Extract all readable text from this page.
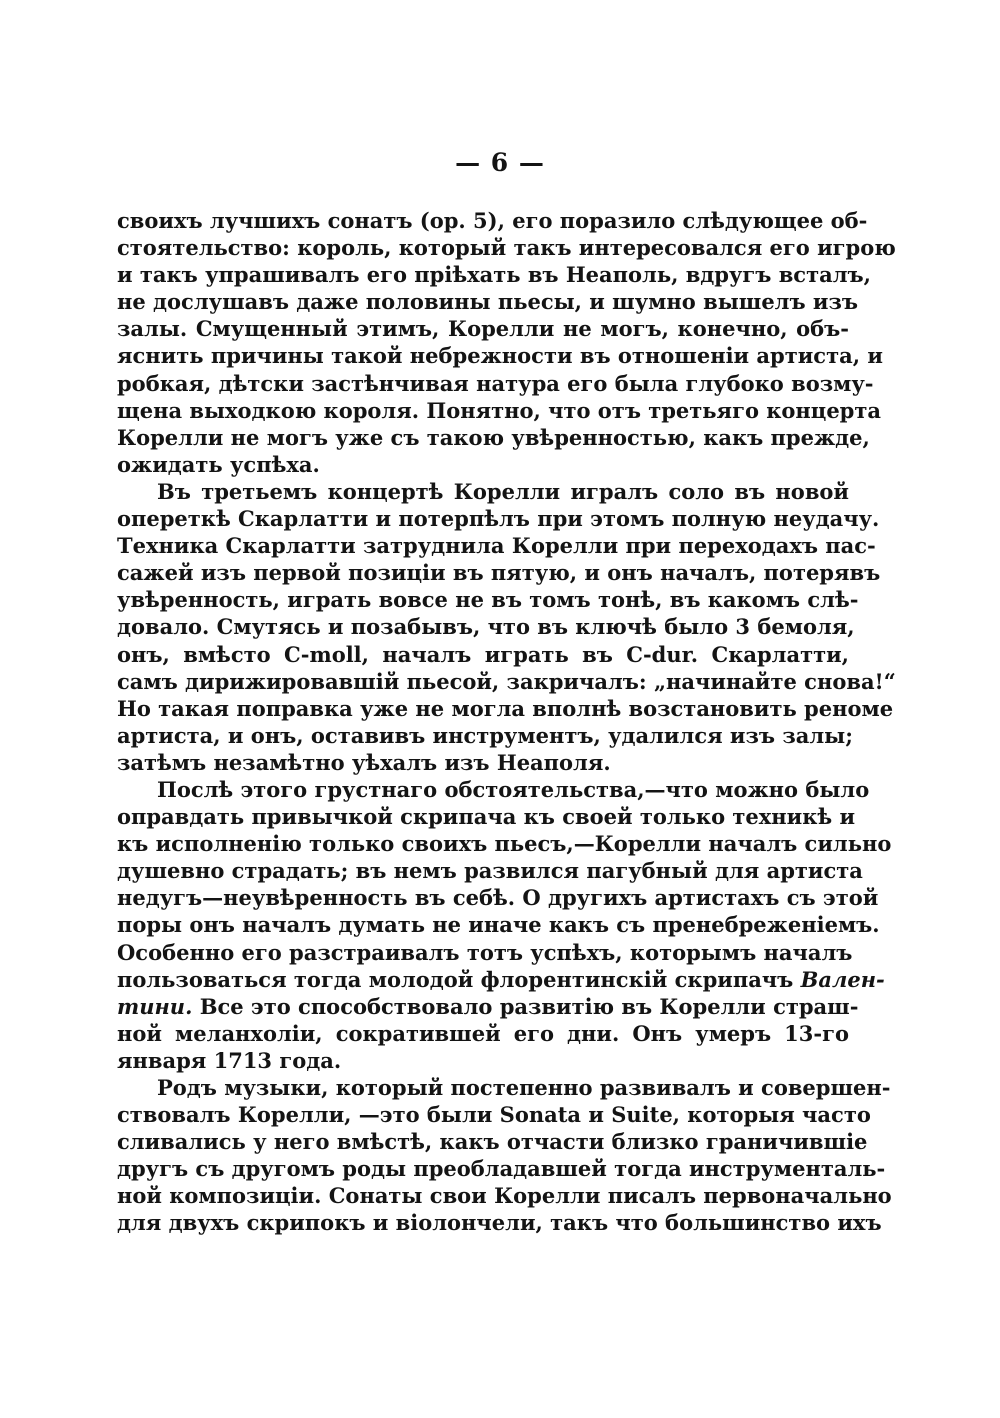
— 6 —
своихъ лучшихъ сонатъ (op. 5), его поразило слѣдующее об-
стоятельство: король, который такъ интересовался его игрою
и такъ упрашивалъ его пріѣхать въ Неаполь, вдругъ всталъ,
не дослушавъ даже половины пьесы, и шумно вышелъ изъ
залы. Смущенный этимъ, Корелли не могъ, конечно, объ-
яснить причины такой небрежности въ отношеніи артиста, и
робкая, дѣтски застѣнчивая натура его была глубоко возму-
щена выходкою короля. Понятно, что отъ третьяго концерта
Корелли не могъ уже съ такою увѣренностью, какъ прежде,
ожидать успѣха.
Въ третьемъ концертѣ Корелли игралъ соло въ новой
опереткѣ Скарлатти и потерпѣлъ при этомъ полную неудачу.
Техника Скарлатти затруднила Корелли при переходахъ пас-
сажей изъ первой позиціи въ пятую, и онъ началъ, потерявъ
увѣренность, играть вовсе не въ томъ тонѣ, въ какомъ слѣ-
довало. Смутясь и позабывъ, что въ ключѣ было 3 бемоля,
онъ, вмѣсто C-moll, началъ играть въ C-dur. Скарлатти,
самъ дирижировавшій пьесой, закричалъ: „начинайте снова!“
Но такая поправка уже не могла вполнѣ возстановить реноме
артиста, и онъ, оставивъ инструментъ, удалился изъ залы;
затѣмъ незамѣтно уѣхалъ изъ Неаполя.
Послѣ этого грустнаго обстоятельства,—что можно было
оправдать привычкой скрипача къ своей только техникѣ и
къ исполненію только своихъ пьесъ,—Корелли началъ сильно
душевно страдать; въ немъ развился пагубный для артиста
недугъ—неувѣренность въ себѣ. О другихъ артистахъ съ этой
поры онъ началъ думать не иначе какъ съ пренебреженіемъ.
Особенно его разстраивалъ тотъ успѣхъ, которымъ началъ
пользоваться тогда молодой флорентинскій скрипачъ Вален-
тини. Все это способствовало развитію въ Корелли страш-
ной меланхоліи, сократившей его дни. Онъ умеръ 13-го
января 1713 года.
Родъ музыки, который постепенно развивалъ и совершен-
ствовалъ Корелли, —это были Sonata и Suite, которыя часто
сливались у него вмѣстѣ, какъ отчасти близко граничившіе
другъ съ другомъ роды преобладавшей тогда инструменталь-
ной композиціи. Сонаты свои Корелли писалъ первоначально
для двухъ скрипокъ и віолончели, такъ что большинство ихъ
